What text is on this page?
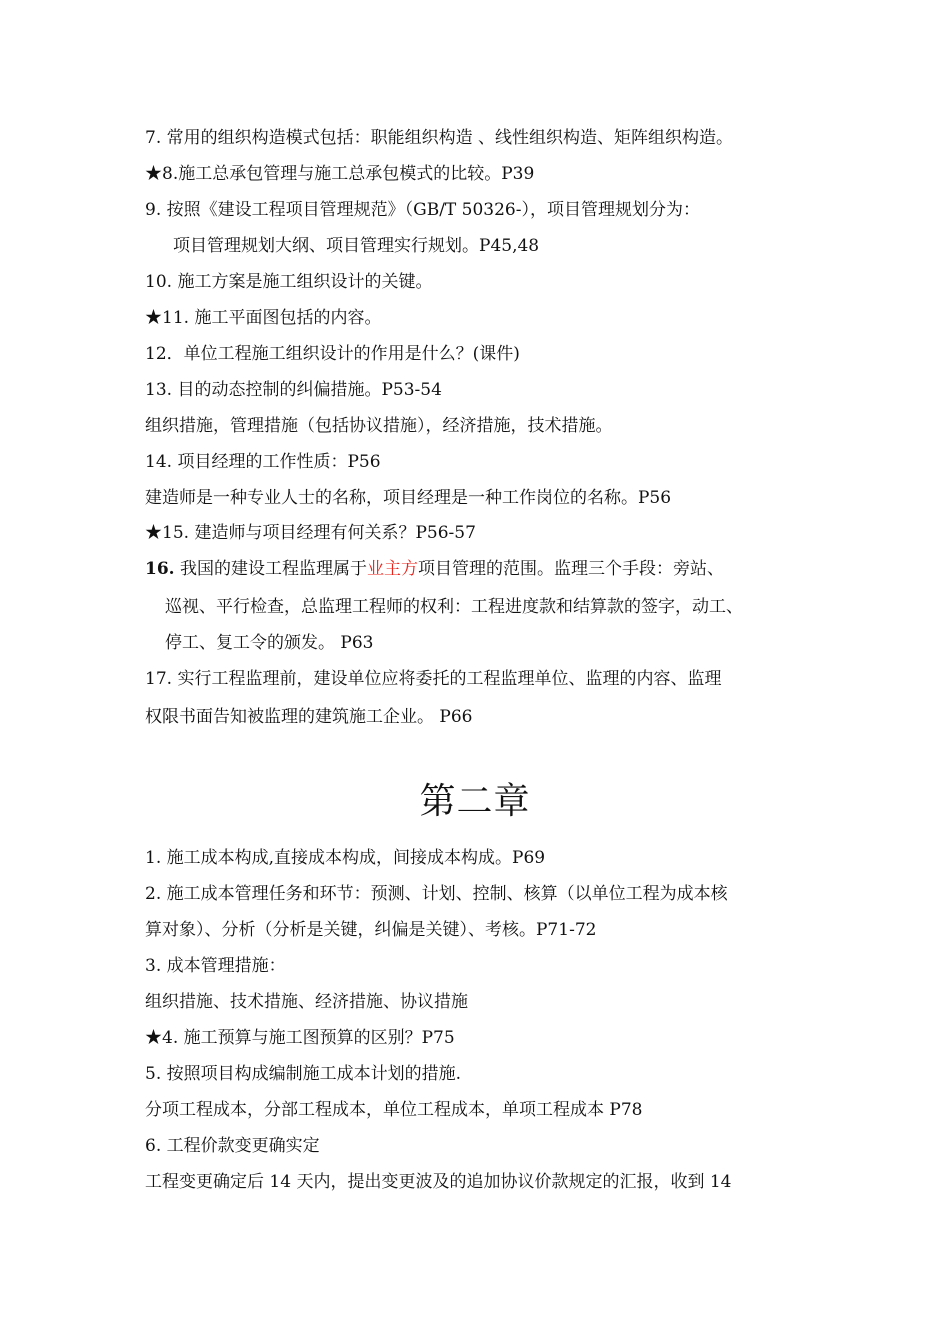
7. 常用的组织构造模式包括：职能组织构造 、线性组织构造、矩阵组织构造。
★8.施工总承包管理与施工总承包模式的比较。P39
9. 按照《建设工程项目管理规范》（GB/T 50326-），项目管理规划分为：
项目管理规划大纲、项目管理实行规划。P45,48
10. 施工方案是施工组织设计的关键。
★11. 施工平面图包括的内容。
12．单位工程施工组织设计的作用是什么？(课件)
13. 目的动态控制的纠偏措施。P53-54
组织措施，管理措施（包括协议措施），经济措施，技术措施。
14. 项目经理的工作性质：P56
建造师是一种专业人士的名称，项目经理是一种工作岗位的名称。P56
★15. 建造师与项目经理有何关系？P56-57
16. 我国的建设工程监理属于业主方项目管理的范围。监理三个手段：旁站、
巡视、平行检查，总监理工程师的权利：工程进度款和结算款的签字，动工、
停工、复工令的颁发。 P63
17. 实行工程监理前，建设单位应将委托的工程监理单位、监理的内容、监理
权限书面告知被监理的建筑施工企业。 P66
第二章
1. 施工成本构成,直接成本构成，间接成本构成。P69
2. 施工成本管理任务和环节：预测、计划、控制、核算（以单位工程为成本核
算对象）、分析（分析是关键，纠偏是关键）、考核。P71-72
3. 成本管理措施：
组织措施、技术措施、经济措施、协议措施
★4. 施工预算与施工图预算的区别？P75
5. 按照项目构成编制施工成本计划的措施.
分项工程成本，分部工程成本，单位工程成本，单项工程成本 P78
6. 工程价款变更确实定
工程变更确定后 14 天内，提出变更波及的追加协议价款规定的汇报，收到 14
